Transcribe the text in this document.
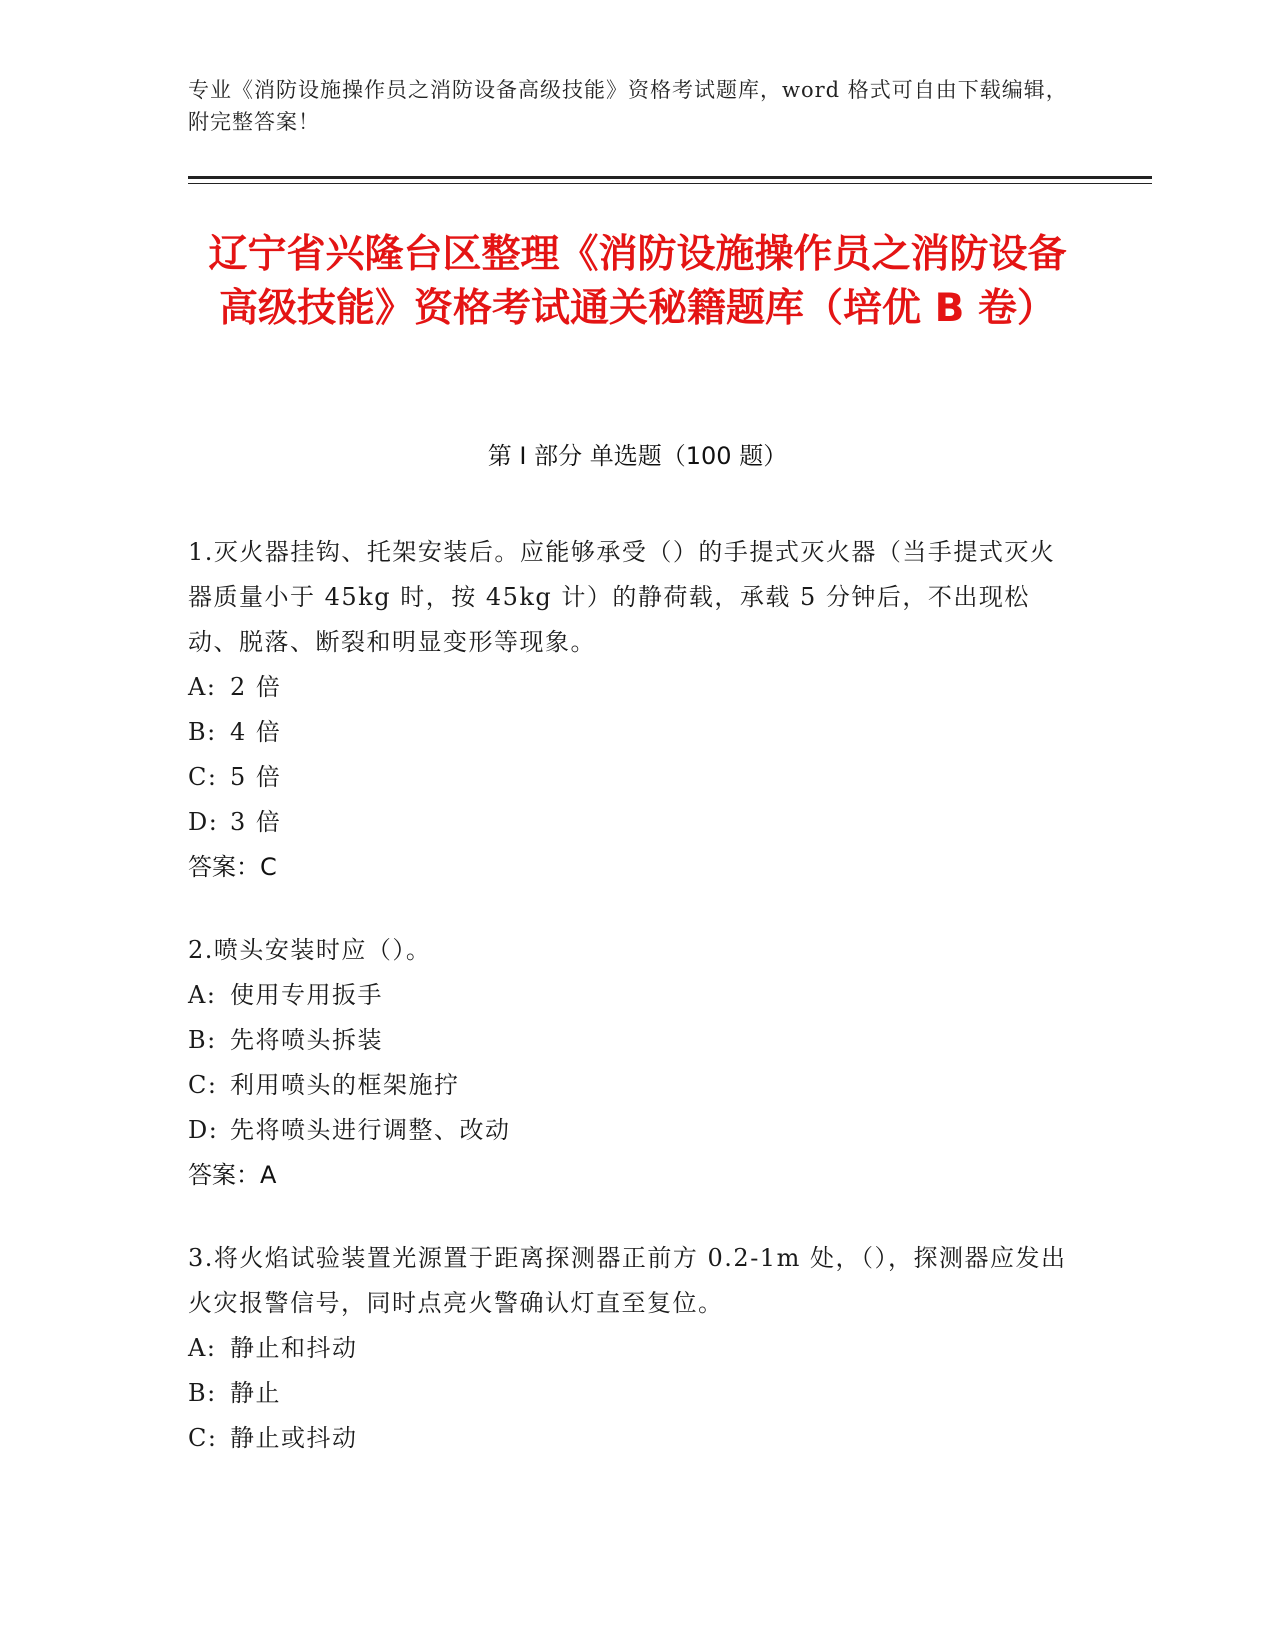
专业《消防设施操作员之消防设备高级技能》资格考试题库，word 格式可自由下载编辑，附完整答案！
辽宁省兴隆台区整理《消防设施操作员之消防设备高级技能》资格考试通关秘籍题库（培优 B 卷）
第 I 部分 单选题（100 题）

1.灭火器挂钩、托架安装后。应能够承受（）的手提式灭火器（当手提式灭火器质量小于 45kg 时，按 45kg 计）的静荷载，承载 5 分钟后，不出现松动、脱落、断裂和明显变形等现象。

A: 2 倍
B: 4 倍
C: 5 倍
D: 3 倍
答案：C

2.喷头安装时应（）。

A: 使用专用扳手
B: 先将喷头拆装
C: 利用喷头的框架施拧
D: 先将喷头进行调整、改动
答案：A

3.将火焰试验装置光源置于距离探测器正前方 0.2-1m 处，（），探测器应发出火灾报警信号，同时点亮火警确认灯直至复位。

A: 静止和抖动
B: 静止
C: 静止或抖动
